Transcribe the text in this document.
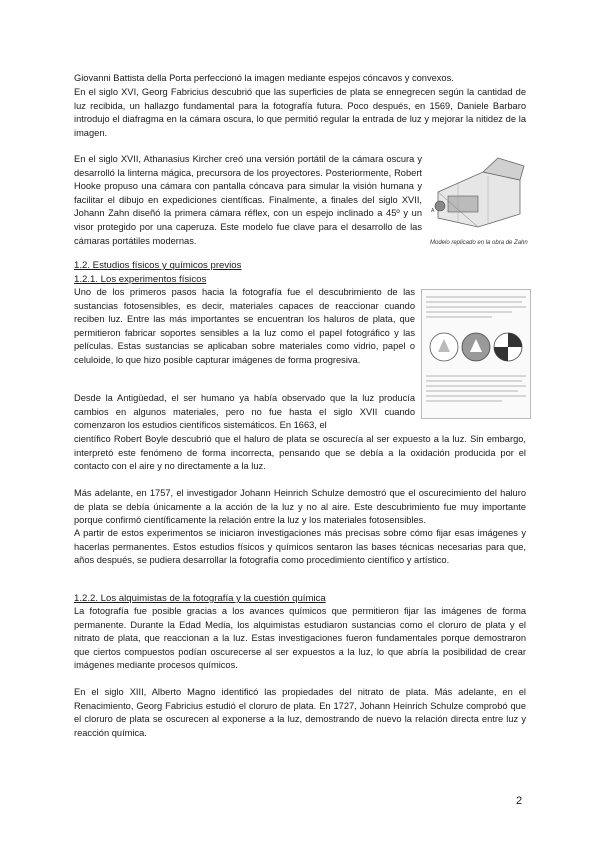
Giovanni Battista della Porta perfeccionó la imagen mediante espejos cóncavos y convexos.

En el siglo XVI, Georg Fabricius descubrió que las superficies de plata se ennegrecen según la cantidad de luz recibida, un hallazgo fundamental para la fotografía futura. Poco después, en 1569, Daniele Barbaro introdujo el diafragma en la cámara oscura, lo que permitió regular la entrada de luz y mejorar la nitidez de la imagen.

En el siglo XVII, Athanasius Kircher creó una versión portátil de la cámara oscura y desarrolló la linterna mágica, precursora de los proyectores. Posteriormente, Robert Hooke propuso una cámara con pantalla cóncava para simular la visión humana y facilitar el dibujo en expediciones científicas. Finalmente, a finales del siglo XVII, Johann Zahn diseñó la primera cámara réflex, con un espejo inclinado a 45º y un visor protegido por una caperuza. Este modelo fue clave para el desarrollo de las cámaras portátiles modernas.

A
Modelo replicado en la obra de Zahn
1.2. Estudios físicos y químicos previos
1.2.1. Los experimentos físicos

Uno de los primeros pasos hacia la fotografía fue el descubrimiento de las sustancias fotosensibles, es decir, materiales capaces de reaccionar cuando reciben luz. Entre las más importantes se encuentran los haluros de plata, que permitieron fabricar soportes sensibles a la luz como el papel fotográfico y las películas. Estas sustancias se aplicaban sobre materiales como vidrio, papel o celuloide, lo que hizo posible capturar imágenes de forma progresiva.

Desde la Antigüedad, el ser humano ya había observado que la luz producía cambios en algunos materiales, pero no fue hasta el siglo XVII cuando comenzaron los estudios científicos sistemáticos. En 1663, el

científico Robert Boyle descubrió que el haluro de plata se oscurecía al ser expuesto a la luz. Sin embargo, interpretó este fenómeno de forma incorrecta, pensando que se debía a la oxidación producida por el contacto con el aire y no directamente a la luz.

Más adelante, en 1757, el investigador Johann Heinrich Schulze demostró que el oscurecimiento del haluro de plata se debía únicamente a la acción de la luz y no al aire. Este descubrimiento fue muy importante porque confirmó científicamente la relación entre la luz y los materiales fotosensibles.

A partir de estos experimentos se iniciaron investigaciones más precisas sobre cómo fijar esas imágenes y hacerlas permanentes. Estos estudios físicos y químicos sentaron las bases técnicas necesarias para que, años después, se pudiera desarrollar la fotografía como procedimiento científico y artístico.

1.2.2. Los alquimistas de la fotografía y la cuestión química

La fotografía fue posible gracias a los avances químicos que permitieron fijar las imágenes de forma permanente. Durante la Edad Media, los alquimistas estudiaron sustancias como el cloruro de plata y el nitrato de plata, que reaccionan a la luz. Estas investigaciones fueron fundamentales porque demostraron que ciertos compuestos podían oscurecerse al ser expuestos a la luz, lo que abría la posibilidad de crear imágenes mediante procesos químicos.

En el siglo XIII, Alberto Magno identificó las propiedades del nitrato de plata. Más adelante, en el Renacimiento, Georg Fabricius estudió el cloruro de plata. En 1727, Johann Heinrich Schulze comprobó que el cloruro de plata se oscurecen al exponerse a la luz, demostrando de nuevo la relación directa entre luz y reacción química.

2
